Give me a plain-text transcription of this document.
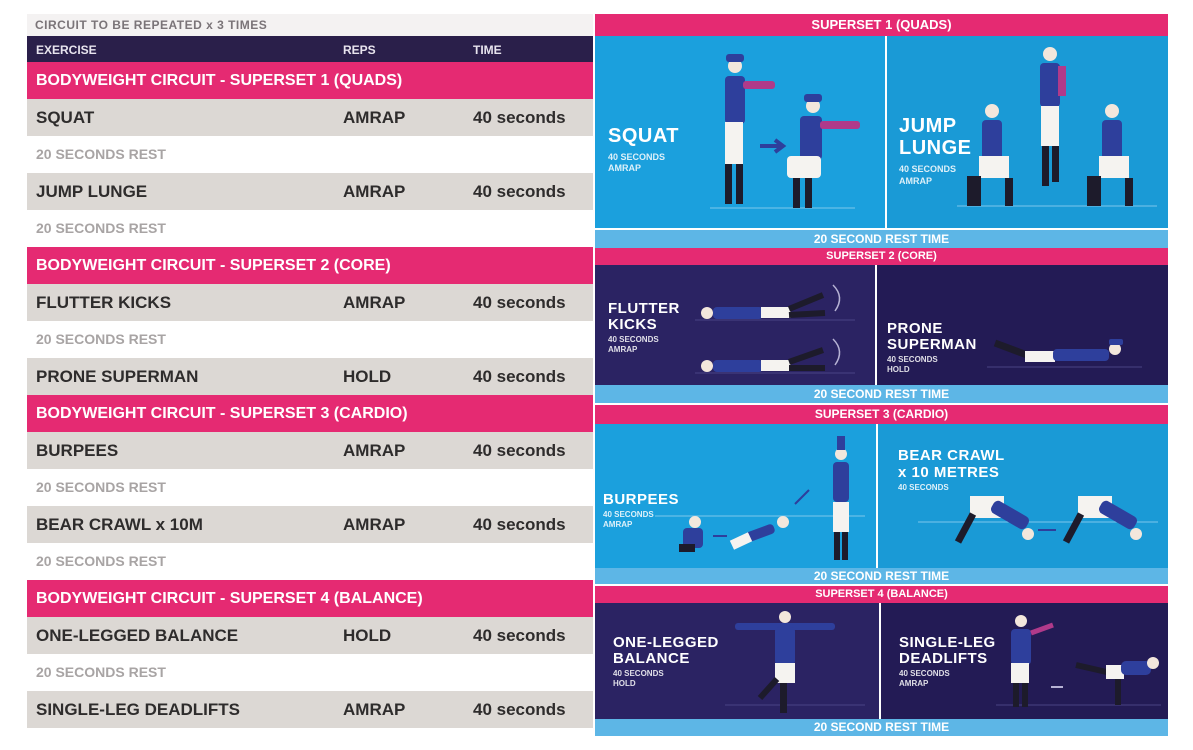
CIRCUIT TO BE REPEATED x 3 TIMES
EXERCISE	REPS	TIME
BODYWEIGHT CIRCUIT - SUPERSET 1 (QUADS)
SQUAT	AMRAP	40 seconds
20 SECONDS REST
JUMP LUNGE	AMRAP	40 seconds
20 SECONDS REST
BODYWEIGHT CIRCUIT - SUPERSET 2 (CORE)
FLUTTER KICKS	AMRAP	40 seconds
20 SECONDS REST
PRONE SUPERMAN	HOLD	40 seconds
BODYWEIGHT CIRCUIT - SUPERSET 3 (CARDIO)
BURPEES	AMRAP	40 seconds
20 SECONDS REST
BEAR CRAWL x 10M	AMRAP	40 seconds
20 SECONDS REST
BODYWEIGHT CIRCUIT - SUPERSET 4 (BALANCE)
ONE-LEGGED BALANCE	HOLD	40 seconds
20 SECONDS REST
SINGLE-LEG DEADLIFTS	AMRAP	40 seconds
SUPERSET 1 (QUADS)
SQUAT
40 SECONDS
AMRAP
JUMP
LUNGE
40 SECONDS
AMRAP
20 SECOND REST TIME
SUPERSET 2 (CORE)
FLUTTER
KICKS
40 SECONDS
AMRAP
PRONE
SUPERMAN
40 SECONDS
HOLD
20 SECOND REST TIME
SUPERSET 3 (CARDIO)
BURPEES
40 SECONDS
AMRAP
BEAR CRAWL
x 10 METRES
40 SECONDS
20 SECOND REST TIME
SUPERSET 4 (BALANCE)
ONE-LEGGED
BALANCE
40 SECONDS
HOLD
SINGLE-LEG
DEADLIFTS
40 SECONDS
AMRAP
20 SECOND REST TIME
